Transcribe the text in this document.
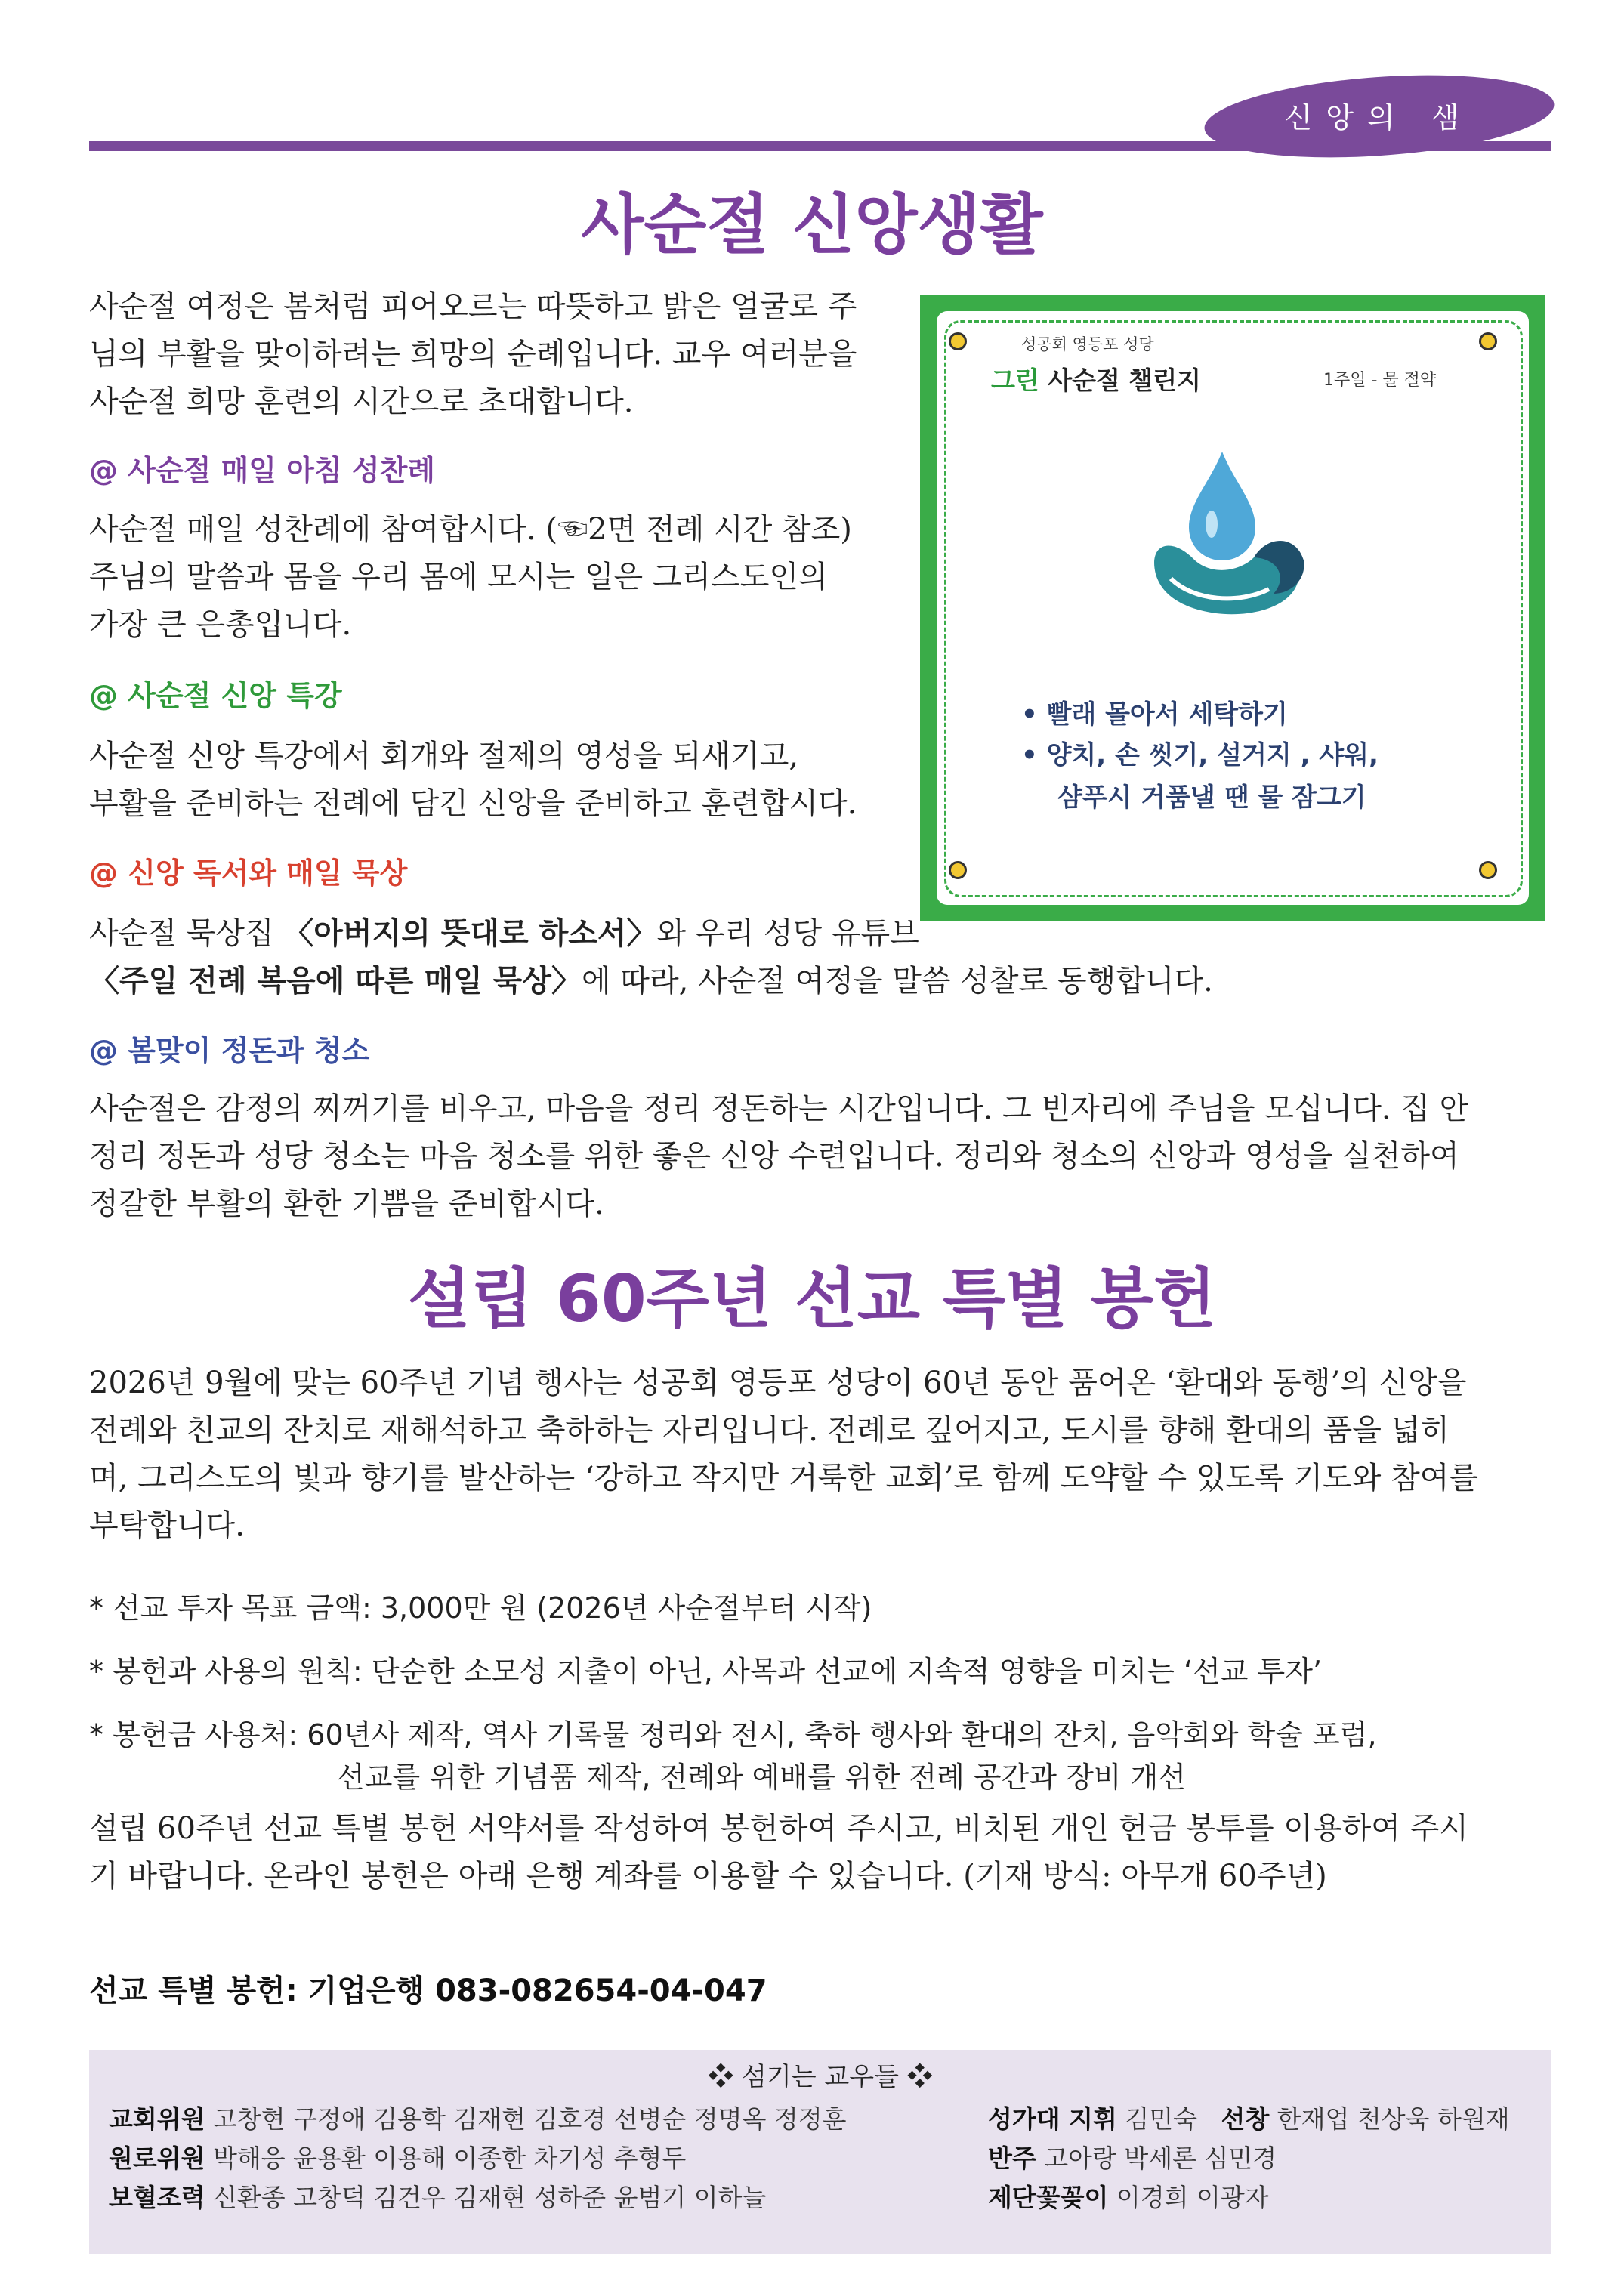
신앙의 샘
사순절 신앙생활
사순절 여정은 봄처럼 피어오르는 따뜻하고 밝은 얼굴로 주
님의 부활을 맞이하려는 희망의 순례입니다. 교우 여러분을
사순절 희망 훈련의 시간으로 초대합니다.
@ 사순절 매일 아침 성찬례
사순절 매일 성찬례에 참여합시다. (☜2면 전례 시간 참조)
주님의 말씀과 몸을 우리 몸에 모시는 일은 그리스도인의
가장 큰 은총입니다.
@ 사순절 신앙 특강
사순절 신앙 특강에서 회개와 절제의 영성을 되새기고,
부활을 준비하는 전례에 담긴 신앙을 준비하고 훈련합시다.
@ 신앙 독서와 매일 묵상
사순절 묵상집 〈아버지의 뜻대로 하소서〉와 우리 성당 유튜브
〈주일 전례 복음에 따른 매일 묵상〉에 따라, 사순절 여정을 말씀 성찰로 동행합니다.
@ 봄맞이 정돈과 청소
사순절은 감정의 찌꺼기를 비우고, 마음을 정리 정돈하는 시간입니다. 그 빈자리에 주님을 모십니다. 집 안
정리 정돈과 성당 청소는 마음 청소를 위한 좋은 신앙 수련입니다. 정리와 청소의 신앙과 영성을 실천하여
정갈한 부활의 환한 기쁨을 준비합시다.
성공회 영등포 성당
그린 사순절 챌린지	1주일 - 물 절약
• 빨래 몰아서 세탁하기
• 양치, 손 씻기, 설거지 , 샤워,
샴푸시 거품낼 땐 물 잠그기
설립 60주년 선교 특별 봉헌
2026년 9월에 맞는 60주년 기념 행사는 성공회 영등포 성당이 60년 동안 품어온 ‘환대와 동행’의 신앙을
전례와 친교의 잔치로 재해석하고 축하하는 자리입니다. 전례로 깊어지고, 도시를 향해 환대의 품을 넓히
며, 그리스도의 빛과 향기를 발산하는 ‘강하고 작지만 거룩한 교회’로 함께 도약할 수 있도록 기도와 참여를
부탁합니다.
* 선교 투자 목표 금액: 3,000만 원 (2026년 사순절부터 시작)
* 봉헌과 사용의 원칙: 단순한 소모성 지출이 아닌, 사목과 선교에 지속적 영향을 미치는 ‘선교 투자’
* 봉헌금 사용처: 60년사 제작, 역사 기록물 정리와 전시, 축하 행사와 환대의 잔치, 음악회와 학술 포럼,
선교를 위한 기념품 제작, 전례와 예배를 위한 전례 공간과 장비 개선
설립 60주년 선교 특별 봉헌 서약서를 작성하여 봉헌하여 주시고, 비치된 개인 헌금 봉투를 이용하여 주시
기 바랍니다. 온라인 봉헌은 아래 은행 계좌를 이용할 수 있습니다. (기재 방식: 아무개 60주년)
선교 특별 봉헌: 기업은행 083-082654-04-047
❖ 섬기는 교우들 ❖
교회위원 고창현 구정애 김용학 김재현 김호경 선병순 정명옥 정정훈
원로위원 박해응 윤용환 이용해 이종한 차기성 추형두
보혈조력 신환종 고창덕 김건우 김재현 성하준 윤범기 이하늘
성가대 지휘 김민숙 선창 한재업 천상욱 하원재
반주 고아랑 박세론 심민경
제단꽃꽂이 이경희 이광자
